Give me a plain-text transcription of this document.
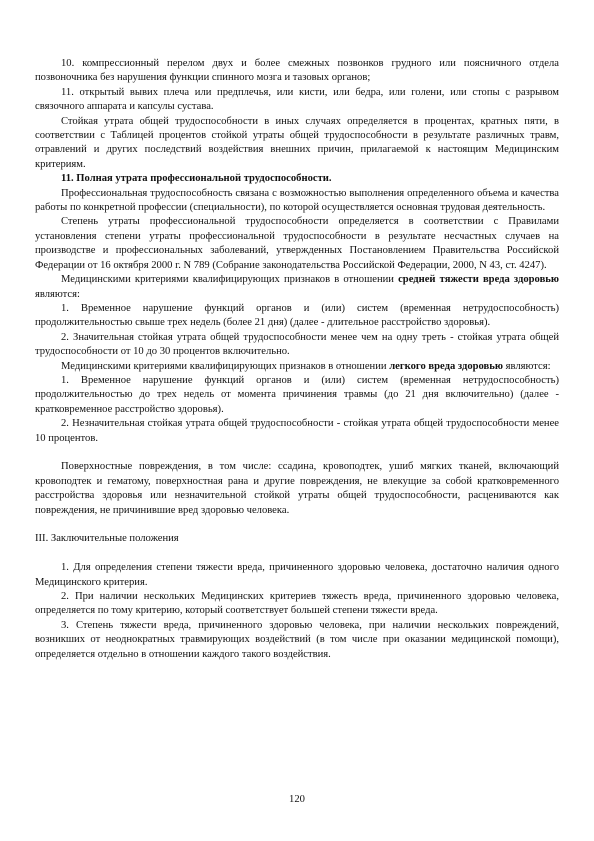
10. компрессионный перелом двух и более смежных позвонков грудного или поясничного отдела позвоночника без нарушения функции спинного мозга и тазовых органов;

11. открытый вывих плеча или предплечья, или кисти, или бедра, или голени, или стопы с разрывом связочного аппарата и капсулы сустава.

Стойкая утрата общей трудоспособности в иных случаях определяется в процентах, кратных пяти, в соответствии с Таблицей процентов стойкой утраты общей трудоспособности в результате различных травм, отравлений и других последствий воздействия внешних причин, прилагаемой к настоящим Медицинским критериям.

11. Полная утрата профессиональной трудоспособности.

Профессиональная трудоспособность связана с возможностью выполнения определенного объема и качества работы по конкретной профессии (специальности), по которой осуществляется основная трудовая деятельность.

Степень утраты профессиональной трудоспособности определяется в соответствии с Правилами установления степени утраты профессиональной трудоспособности в результате несчастных случаев на производстве и профессиональных заболеваний, утвержденных Постановлением Правительства Российской Федерации от 16 октября 2000 г. N 789 (Собрание законодательства Российской Федерации, 2000, N 43, ст. 4247).

Медицинскими критериями квалифицирующих признаков в отношении средней тяжести вреда здоровью являются:

1. Временное нарушение функций органов и (или) систем (временная нетрудоспособность) продолжительностью свыше трех недель (более 21 дня) (далее - длительное расстройство здоровья).

2. Значительная стойкая утрата общей трудоспособности менее чем на одну треть - стойкая утрата общей трудоспособности от 10 до 30 процентов включительно.

Медицинскими критериями квалифицирующих признаков в отношении легкого вреда здоровью являются:

1. Временное нарушение функций органов и (или) систем (временная нетрудоспособность) продолжительностью до трех недель от момента причинения травмы (до 21 дня включительно) (далее - кратковременное расстройство здоровья).

2. Незначительная стойкая утрата общей трудоспособности - стойкая утрата общей трудоспособности менее 10 процентов.

Поверхностные повреждения, в том числе: ссадина, кровоподтек, ушиб мягких тканей, включающий кровоподтек и гематому, поверхностная рана и другие повреждения, не влекущие за собой кратковременного расстройства здоровья или незначительной стойкой утраты общей трудоспособности, расцениваются как повреждения, не причинившие вред здоровью человека.

III. Заключительные положения

1. Для определения степени тяжести вреда, причиненного здоровью человека, достаточно наличия одного Медицинского критерия.

2. При наличии нескольких Медицинских критериев тяжесть вреда, причиненного здоровью человека, определяется по тому критерию, который соответствует большей степени тяжести вреда.

3. Степень тяжести вреда, причиненного здоровью человека, при наличии нескольких повреждений, возникших от неоднократных травмирующих воздействий (в том числе при оказании медицинской помощи), определяется отдельно в отношении каждого такого воздействия.

120
